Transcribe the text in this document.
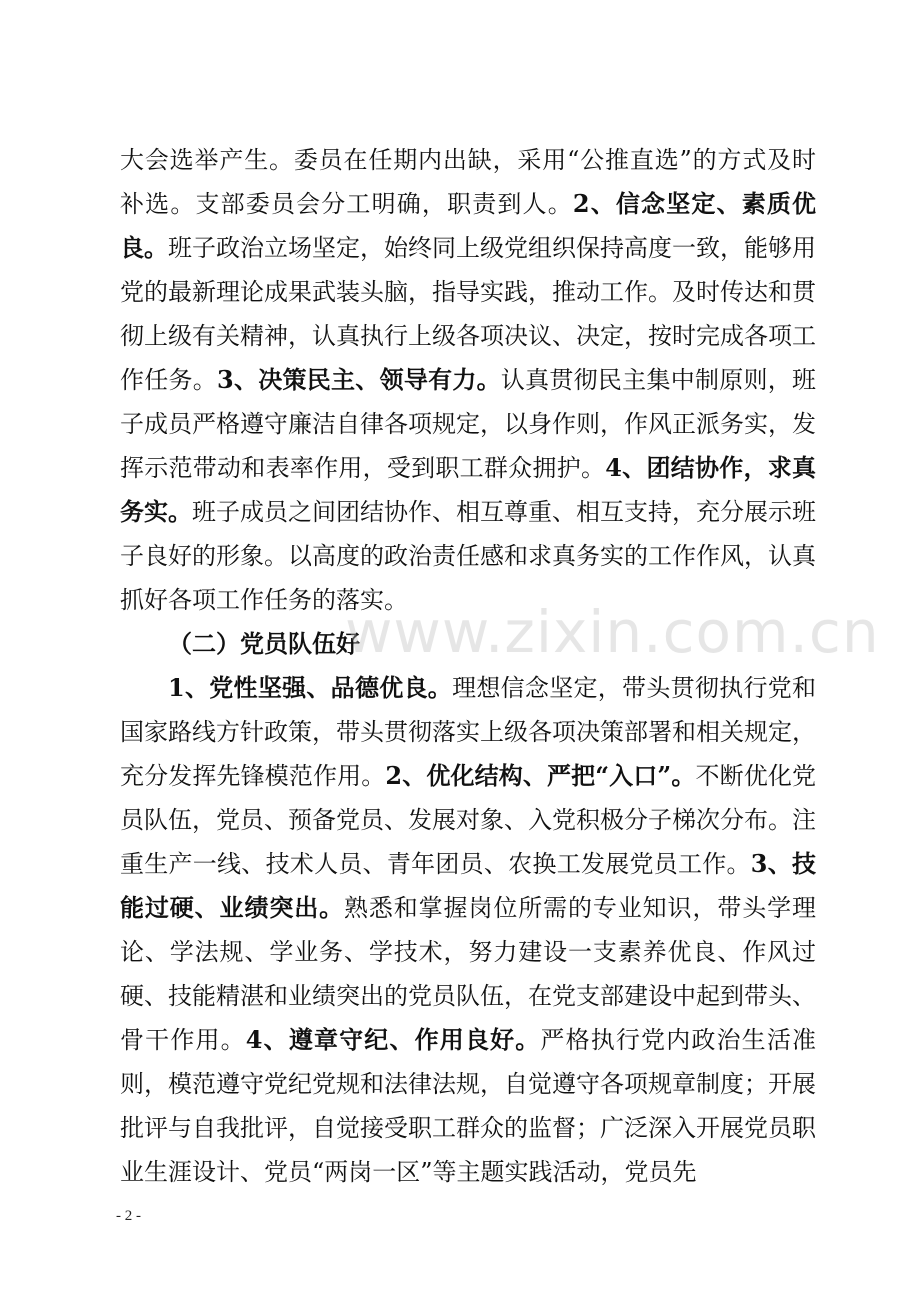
大会选举产生。委员在任期内出缺，采用“公推直选”的方式及时补选。支部委员会分工明确，职责到人。2、信念坚定、素质优良。班子政治立场坚定，始终同上级党组织保持高度一致，能够用党的最新理论成果武装头脑，指导实践，推动工作。及时传达和贯彻上级有关精神，认真执行上级各项决议、决定，按时完成各项工作任务。3、决策民主、领导有力。认真贯彻民主集中制原则，班子成员严格遵守廉洁自律各项规定，以身作则，作风正派务实，发挥示范带动和表率作用，受到职工群众拥护。4、团结协作，求真务实。班子成员之间团结协作、相互尊重、相互支持，充分展示班子良好的形象。以高度的政治责任感和求真务实的工作作风，认真抓好各项工作任务的落实。

（二）党员队伍好

1、党性坚强、品德优良。理想信念坚定，带头贯彻执行党和国家路线方针政策，带头贯彻落实上级各项决策部署和相关规定，充分发挥先锋模范作用。2、优化结构、严把“入口”。不断优化党员队伍，党员、预备党员、发展对象、入党积极分子梯次分布。注重生产一线、技术人员、青年团员、农换工发展党员工作。3、技能过硬、业绩突出。熟悉和掌握岗位所需的专业知识，带头学理论、学法规、学业务、学技术，努力建设一支素养优良、作风过硬、技能精湛和业绩突出的党员队伍，在党支部建设中起到带头、骨干作用。4、遵章守纪、作用良好。严格执行党内政治生活准则，模范遵守党纪党规和法律法规，自觉遵守各项规章制度；开展批评与自我批评，自觉接受职工群众的监督；广泛深入开展党员职业生涯设计、党员“两岗一区”等主题实践活动，党员先

www.zixin.com.cn
- 2 -
